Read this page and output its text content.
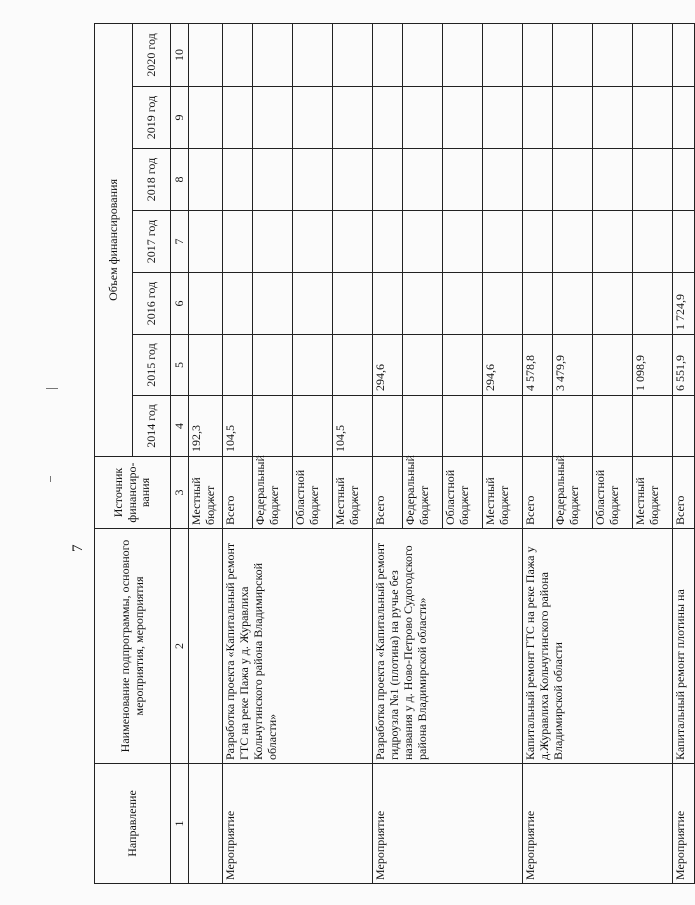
7
Направление	Наименование подпрограммы, основного мероприятия, мероприятия	Источник финансиро-вания	Объем финансирования						
			2014 год	2015 год	2016 год	2017 год	2018 год	2019 год	2020 год
1	2	3	4	5	6	7	8	9	10
		Местный бюджет	192,3						
Мероприятие	Разработка проекта «Капитальный ремонт ГТС на реке Пажа у д. Журавлиха Кольчугинского района Владимирской области»	Всего	104,5						
		Федеральный бюджет							
		Областной бюджет							
		Местный бюджет	104,5						
Мероприятие	Разработка проекта «Капитальный ремонт гидроузла №1 (плотина) на ручье без названия у д. Ново-Петрово Судогодского района Владимирской области»	Всего		294,6					
		Федеральный бюджет							
		Областной бюджет							
		Местный бюджет		294,6					
Мероприятие	Капитальный ремонт ГТС на реке Пажа у д.Журавлиха Кольчугинского района Владимирской области	Всего		4 578,8					
		Федеральный бюджет		3 479,9					
		Областной бюджет							
		Местный бюджет		1 098,9					
Мероприятие	Капитальный ремонт плотины на	Всего		6 551,9	1 724,9				
